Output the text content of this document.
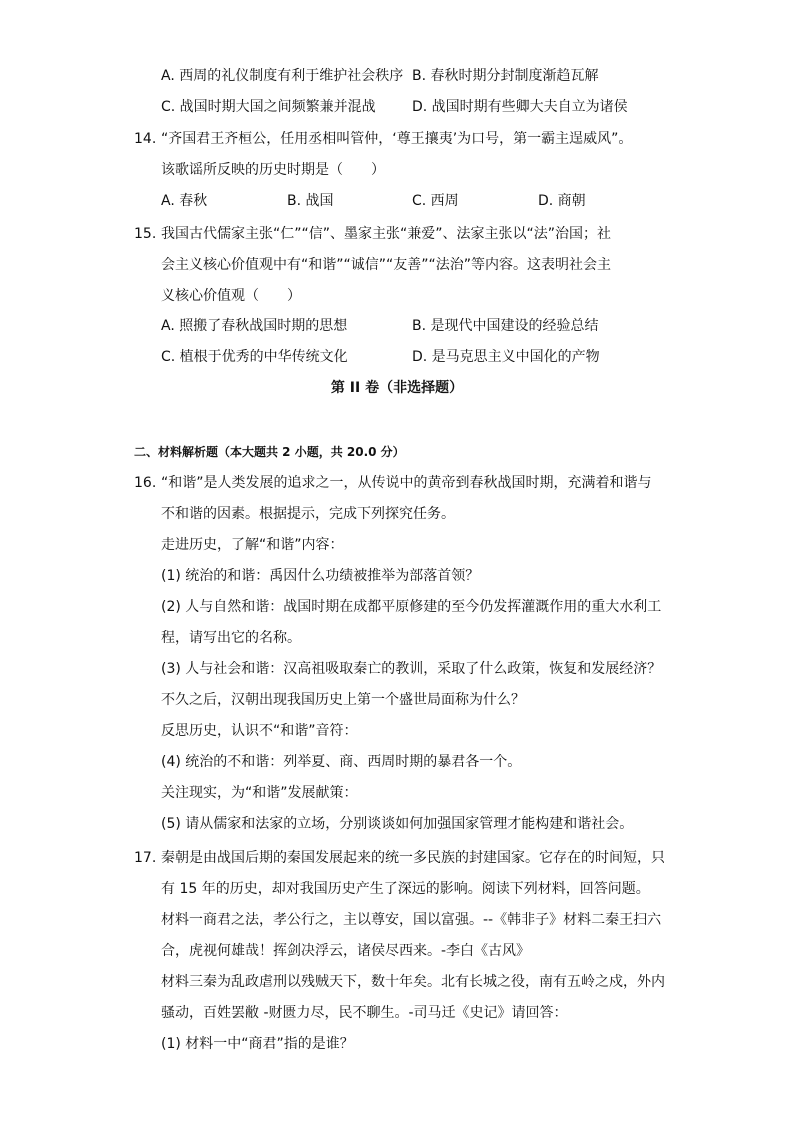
A. 西周的礼仪制度有利于维护社会秩序 B. 春秋时期分封制度渐趋瓦解
C. 战国时期大国之间频繁兼并混战	D. 战国时期有些卿大夫自立为诸侯
14. “齐国君王齐桓公，任用丞相叫管仲，‘尊王攘夷’为口号，第一霸主逞威风”。
该歌谣所反映的历史时期是（　　）
A. 春秋	B. 战国	C. 西周	D. 商朝
15. 我国古代儒家主张“仁”“信”、墨家主张“兼爱”、法家主张以“法”治国；社
会主义核心价值观中有“和谐”“诚信”“友善”“法治”等内容。这表明社会主
义核心价值观（　　）
A. 照搬了春秋战国时期的思想	B. 是现代中国建设的经验总结
C. 植根于优秀的中华传统文化	D. 是马克思主义中国化的产物
第 II 卷（非选择题）
二、材料解析题（本大题共 2 小题，共 20.0 分）
16. “和谐”是人类发展的追求之一，从传说中的黄帝到春秋战国时期，充满着和谐与
不和谐的因素。根据提示，完成下列探究任务。
走进历史，了解“和谐”内容：
(1) 统治的和谐：禹因什么功绩被推举为部落首领？
(2) 人与自然和谐：战国时期在成都平原修建的至今仍发挥灌溉作用的重大水利工
程，请写出它的名称。
(3) 人与社会和谐：汉高祖吸取秦亡的教训，采取了什么政策，恢复和发展经济？
不久之后，汉朝出现我国历史上第一个盛世局面称为什么？
反思历史，认识不“和谐”音符：
(4) 统治的不和谐：列举夏、商、西周时期的暴君各一个。
关注现实，为“和谐”发展献策：
(5) 请从儒家和法家的立场，分别谈谈如何加强国家管理才能构建和谐社会。
17. 秦朝是由战国后期的秦国发展起来的统一多民族的封建国家。它存在的时间短，只
有 15 年的历史，却对我国历史产生了深远的影响。阅读下列材料，回答问题。
材料一商君之法，孝公行之，主以尊安，国以富强。--《韩非子》材料二秦王扫六
合，虎视何雄哉！挥剑决浮云，诸侯尽西来。-李白《古风》
材料三秦为乱政虐刑以残贼天下，数十年矣。北有长城之役，南有五岭之戍，外内
骚动，百姓罢敝 -财匮力尽，民不聊生。-司马迁《史记》请回答：
(1) 材料一中“商君”指的是谁？
